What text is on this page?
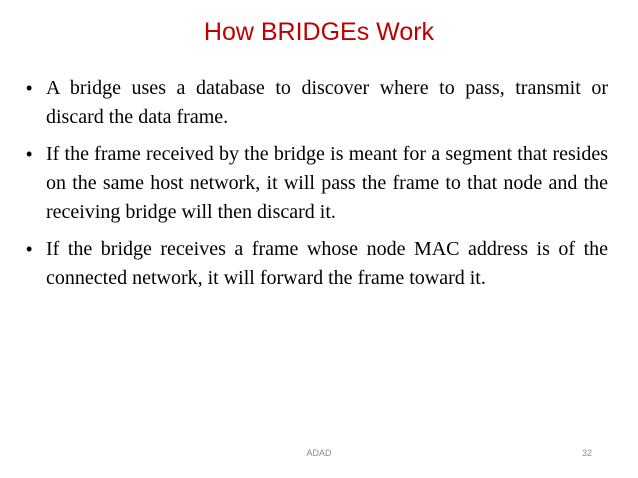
How BRIDGEs Work
• A bridge uses a database to discover where to pass, transmit or discard the data frame.
• If the frame received by the bridge is meant for a segment that resides on the same host network, it will pass the frame to that node and the receiving bridge will then discard it.
• If the bridge receives a frame whose node MAC address is of the connected network, it will forward the frame toward it.
ADAD	32
